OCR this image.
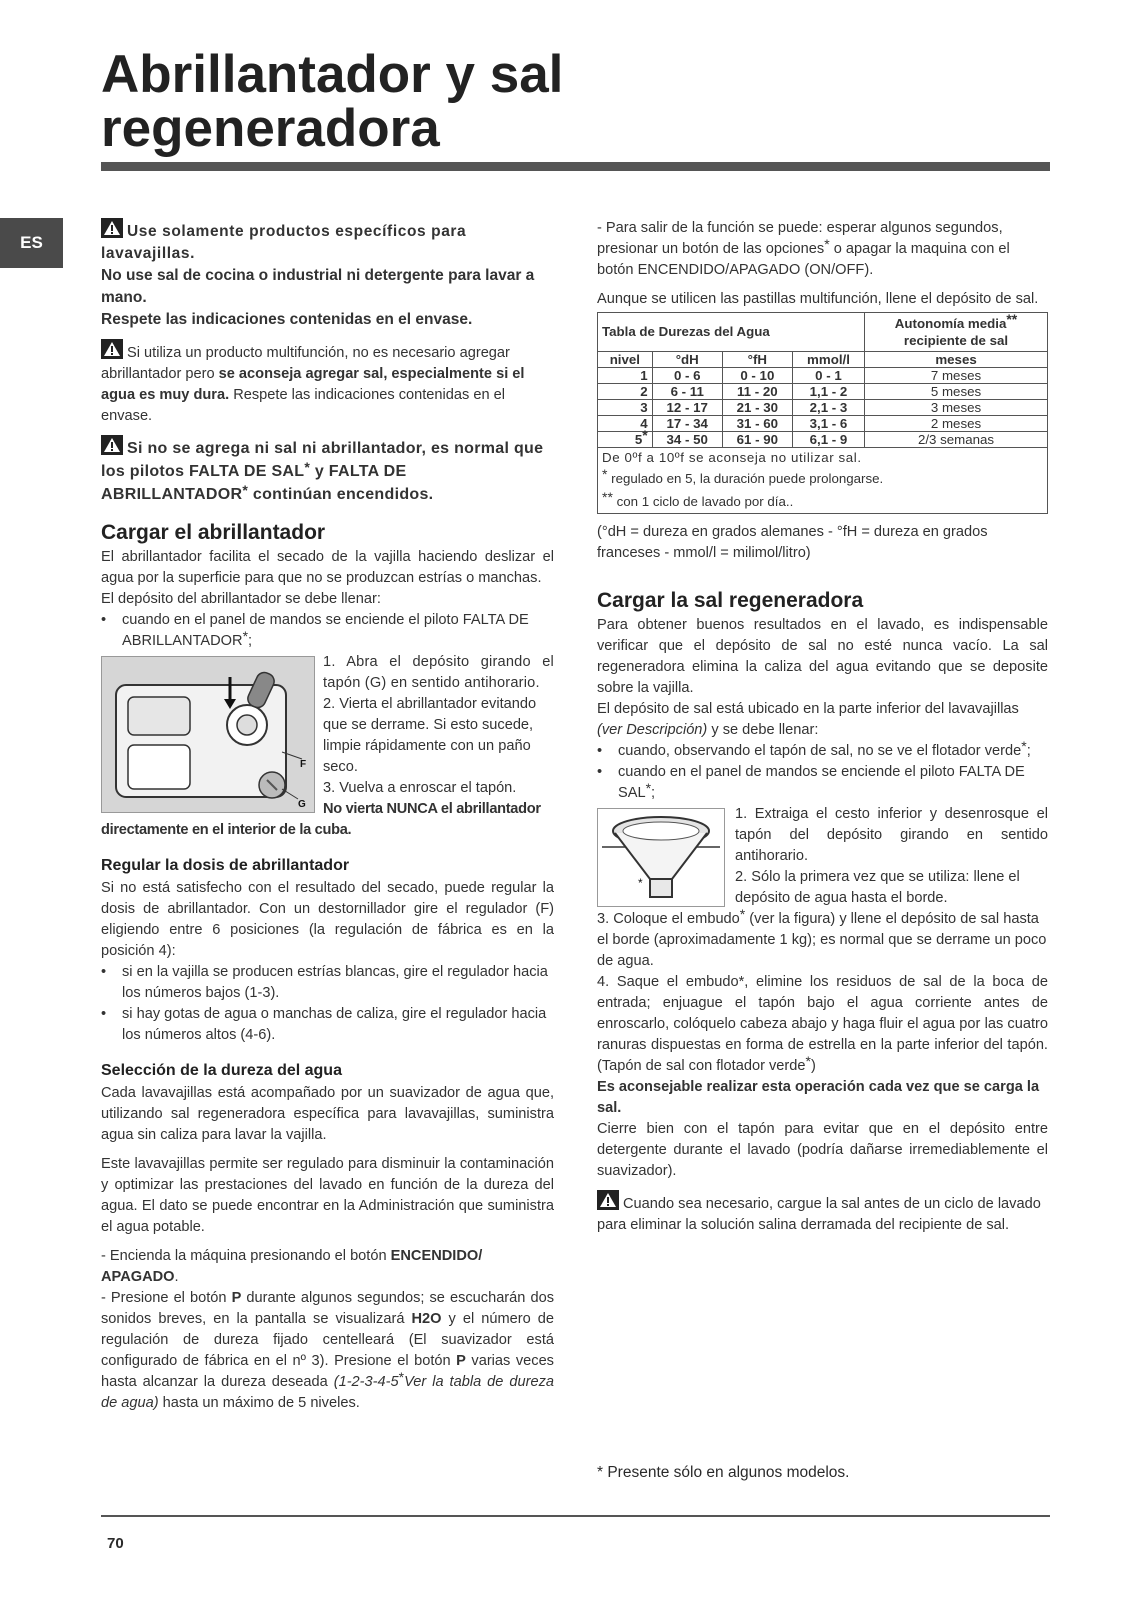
Abrillantador y sal
regeneradora
ES

Use solamente productos específicos para lavavajillas.
No use sal de cocina o industrial ni detergente para lavar a mano.
Respete las indicaciones contenidas en el envase.

Si utiliza un producto multifunción, no es necesario agregar abrillantador pero se aconseja agregar sal, especialmente si el agua es muy dura. Respete las indicaciones contenidas en el envase.

Si no se agrega ni sal ni abrillantador, es normal que los pilotos FALTA DE SAL* y FALTA DE ABRILLANTADOR* continúan encendidos.

Cargar el abrillantador

El abrillantador facilita el secado de la vajilla haciendo deslizar el agua por la superficie para que no se produzcan estrías o manchas.

El depósito del abrillantador se debe llenar:

• cuando en el panel de mandos se enciende el piloto FALTA DE ABRILLANTADOR*;
F
G

1. Abra el depósito girando el tapón (G) en sentido antihorario.

2. Vierta el abrillantador evitando que se derrame. Si esto sucede, limpie rápidamente con un paño seco.

3. Vuelva a enroscar el tapón.

No vierta NUNCA el abrillantador directamente en el interior de la cuba.

Regular la dosis de abrillantador

Si no está satisfecho con el resultado del secado, puede regular la dosis de abrillantador. Con un destornillador gire el regulador (F) eligiendo entre 6 posiciones (la regulación de fábrica es en la posición 4):

• si en la vajilla se producen estrías blancas, gire el regulador hacia los números bajos (1-3).
• si hay gotas de agua o manchas de caliza, gire el regulador hacia los números altos (4-6).
Selección de la dureza del agua

Cada lavavajillas está acompañado por un suavizador de agua que, utilizando sal regeneradora específica para lavavajillas, suministra agua sin caliza para lavar la vajilla.

Este lavavajillas permite ser regulado para disminuir la contaminación y optimizar las prestaciones del lavado en función de la dureza del agua. El dato se puede encontrar en la Administración que suministra el agua potable.

- Encienda la máquina presionando el botón ENCENDIDO/ APAGADO.

- Presione el botón P durante algunos segundos; se escucharán dos sonidos breves, en la pantalla se visualizará H2O y el número de regulación de dureza fijado centelleará (El suavizador está configurado de fábrica en el nº 3). Presione el botón P varias veces hasta alcanzar la dureza deseada (1-2-3-4-5*Ver la tabla de dureza de agua) hasta un máximo de 5 niveles.

- Para salir de la función se puede: esperar algunos segundos, presionar un botón de las opciones* o apagar la maquina con el botón ENCENDIDO/APAGADO (ON/OFF).

Aunque se utilicen las pastillas multifunción, llene el depósito de sal.

Tabla de Durezas del Agua				Autonomía media**
recipiente de sal
nivel	°dH	°fH	mmol/l	meses
1	0 - 6	0 - 10	0 - 1	7 meses
2	6 - 11	11 - 20	1,1 - 2	5 meses
3	12 - 17	21 - 30	2,1 - 3	3 meses
4	17 - 34	31 - 60	3,1 - 6	2 meses
5*	34 - 50	61 - 90	6,1 - 9	2/3 semanas
De 0ºf a 10ºf se aconseja no utilizar sal.				
* regulado en 5, la duración puede prolongarse.				
** con 1 ciclo de lavado por día..				

(°dH = dureza en grados alemanes - °fH = dureza en grados franceses - mmol/l = milimol/litro)

Cargar la sal regeneradora

Para obtener buenos resultados en el lavado, es indispensable verificar que el depósito de sal no esté nunca vacío. La sal regeneradora elimina la caliza del agua evitando que se deposite sobre la vajilla.

El depósito de sal está ubicado en la parte inferior del lavavajillas (ver Descripción) y se debe llenar:

• cuando, observando el tapón de sal, no se ve el flotador verde*;
• cuando en el panel de mandos se enciende el piloto FALTA DE SAL*;
*

1. Extraiga el cesto inferior y desenrosque el tapón del depósito girando en sentido antihorario.

2. Sólo la primera vez que se utiliza: llene el depósito de agua hasta el borde.

3. Coloque el embudo* (ver la figura) y llene el depósito de sal hasta el borde (aproximadamente 1 kg); es normal que se derrame un poco de agua.

4. Saque el embudo*, elimine los residuos de sal de la boca de entrada; enjuague el tapón bajo el agua corriente antes de enroscarlo, colóquelo cabeza abajo y haga fluir el agua por las cuatro ranuras dispuestas en forma de estrella en la parte inferior del tapón. (Tapón de sal con flotador verde*)

Es aconsejable realizar esta operación cada vez que se carga la sal.

Cierre bien con el tapón para evitar que en el depósito entre detergente durante el lavado (podría dañarse irremediablemente el suavizador).

Cuando sea necesario, cargue la sal antes de un ciclo de lavado para eliminar la solución salina derramada del recipiente de sal.

* Presente sólo en algunos modelos.
70
